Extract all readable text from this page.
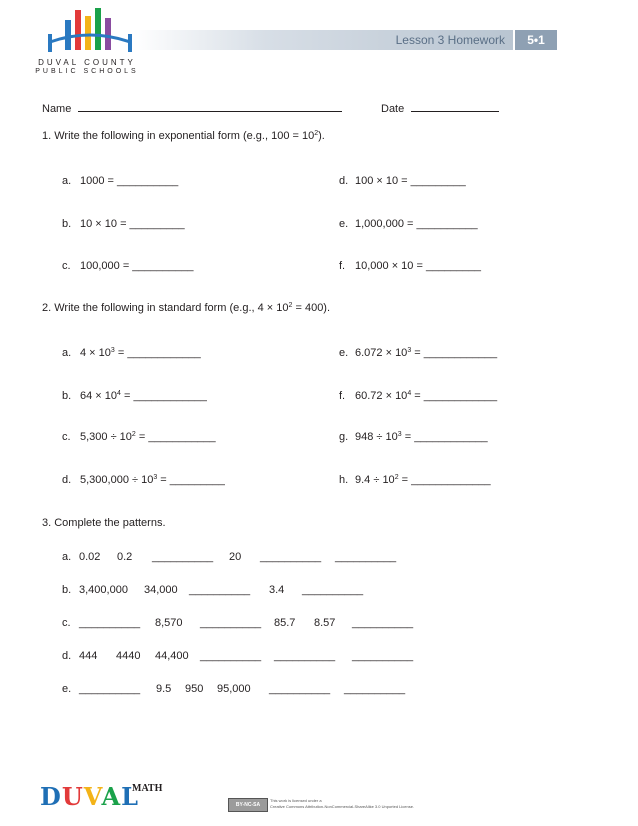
DUVAL COUNTY
PUBLIC SCHOOLS
Lesson 3 Homework	5•1
Name	Date
1. Write the following in exponential form (e.g., $100 = 10^2$).
a. 1000 = __________	d. 100 × 10 = _________
b. 10 × 10 = _________	e. 1,000,000 = __________
c. 100,000 = __________	f. 10,000 × 10 = _________
2. Write the following in standard form (e.g., $4 \times 10^2 = 400$).
a. $4 \times 10^3$ = ____________	e. $6.072 \times 10^3$ = ____________
b. $64 \times 10^4$ = ____________	f. $60.72 \times 10^4$ = ____________
c. $5,300 \div 10^2$ = ___________	g. $948 \div 10^3$ = ____________
d. $5,300,000 \div 10^3$ = _________	h. $9.4 \div 10^2$ = _____________
3. Complete the patterns.
a. 0.02 0.2 __________ 20 __________ __________
b. 3,400,000 34,000 __________ 3.4 __________
c. __________ 8,570 __________ 85.7 8.57 __________
d. 444 4440 44,400 __________ __________ __________
e. __________ 9.5 950 95,000 __________ __________
DUVAL
MATH
BY-NC-SA
This work is licensed under a
Creative Commons Attribution-NonCommercial-ShareAlike 3.0 Unported License.
